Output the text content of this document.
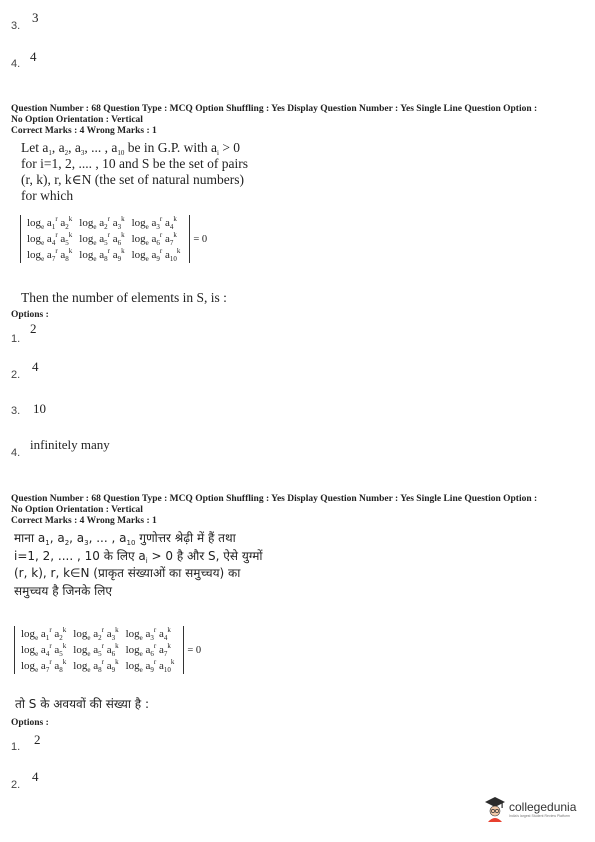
3.
3
4. 4
Question Number : 68 Question Type : MCQ Option Shuffling : Yes Display Question Number : Yes Single Line Question Option :
No Option Orientation : Vertical
Correct Marks : 4 Wrong Marks : 1
Let $a_1$, $a_2$, $a_3$, ... , $a_{10}$ be in G.P. with $a_i > 0$
for i=1, 2, .... , 10 and S be the set of pairs
(r, k), r, k∈N (the set of natural numbers)
for which
$\log_e a_1^r$ $a_2^k$	$\log_e a_2^r$ $a_3^k$	$\log_e a_3^r$ $a_4^k$
$\log_e a_4^r$ $a_5^k$	$\log_e a_5^r$ $a_6^k$	$\log_e a_6^r$ $a_7^k$
$\log_e a_7^r$ $a_8^k$	$\log_e a_8^r$ $a_9^k$	$\log_e a_9^r$ $a_{10}^k$
= 0
Then the number of elements in S, is :
Options :
1.
2
2.
4
3. 10
4.
infinitely many
Question Number : 68 Question Type : MCQ Option Shuffling : Yes Display Question Number : Yes Single Line Question Option :
No Option Orientation : Vertical
Correct Marks : 4 Wrong Marks : 1
माना $a_1$, $a_2$, $a_3$, ... , $a_{10}$ गुणोत्तर श्रेढ़ी में हैं तथा
i=1, 2, .... , 10 के लिए $a_i > 0$ है और S, ऐसे युग्मों
(r, k), r, k∈N (प्राकृत संख्याओं का समुच्चय) का
समुच्चय है जिनके लिए
$\log_e a_1^r$ $a_2^k$	$\log_e a_2^r$ $a_3^k$	$\log_e a_3^r$ $a_4^k$
$\log_e a_4^r$ $a_5^k$	$\log_e a_5^r$ $a_6^k$	$\log_e a_6^r$ $a_7^k$
$\log_e a_7^r$ $a_8^k$	$\log_e a_8^r$ $a_9^k$	$\log_e a_9^r$ $a_{10}^k$
= 0
तो S के अवयवों की संख्या है :
Options :
1. 2
2.
4
collegedunia
India's largest Student Review Platform
